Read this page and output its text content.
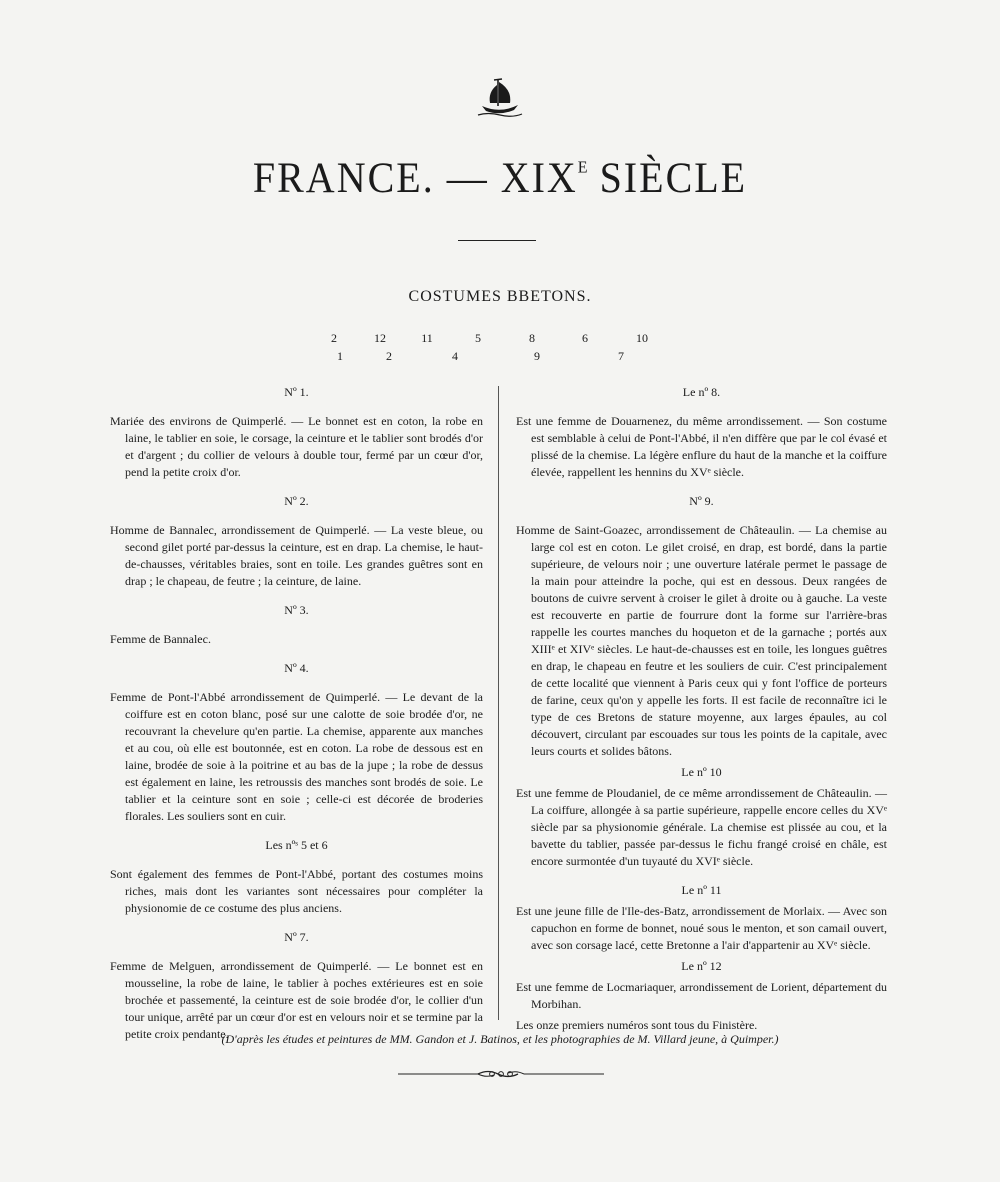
FRANCE. — $XIX^E$ SIÈCLE
COSTUMES BBETONS.
2	12	11	5	8	6	10
1	2	4	9	7
Nº 1.
Mariée des environs de Quimperlé. — Le bonnet est en coton, la robe en laine, le tablier en soie, le corsage, la ceinture et le tablier sont brodés d'or et d'argent ; du collier de velours à double tour, fermé par un cœur d'or, pend la petite croix d'or.
Nº 2.
Homme de Bannalec, arrondissement de Quimperlé. — La veste bleue, ou second gilet porté par-dessus la ceinture, est en drap. La chemise, le haut-de-chausses, véritables braies, sont en toile. Les grandes guêtres sont en drap ; le chapeau, de feutre ; la ceinture, de laine.
Nº 3.
Femme de Bannalec.
Nº 4.
Femme de Pont-l'Abbé arrondissement de Quimperlé. — Le devant de la coiffure est en coton blanc, posé sur une calotte de soie brodée d'or, ne recouvrant la chevelure qu'en partie. La chemise, apparente aux manches et au cou, où elle est boutonnée, est en coton. La robe de dessous est en laine, brodée de soie à la poitrine et au bas de la jupe ; la robe de dessus est également en laine, les retroussis des manches sont brodés de soie. Le tablier et la ceinture sont en soie ; celle-ci est décorée de broderies florales. Les souliers sont en cuir.
Les nºˢ 5 et 6
Sont également des femmes de Pont-l'Abbé, portant des costumes moins riches, mais dont les variantes sont nécessaires pour compléter la physionomie de ce costume des plus anciens.
Nº 7.
Femme de Melguen, arrondissement de Quimperlé. — Le bonnet est en mousseline, la robe de laine, le tablier à poches extérieures est en soie brochée et passementé, la ceinture est de soie brodée d'or, le collier d'un tour unique, arrêté par un cœur d'or est en velours noir et se termine par la petite croix pendante.
Le nº 8.
Est une femme de Douarnenez, du même arrondissement. — Son costume est semblable à celui de Pont-l'Abbé, il n'en diffère que par le col évasé et plissé de la chemise. La légère enflure du haut de la manche et la coiffure élevée, rappellent les hennins du XVᵉ siècle.
Nº 9.
Homme de Saint-Goazec, arrondissement de Châteaulin. — La chemise au large col est en coton. Le gilet croisé, en drap, est bordé, dans la partie supérieure, de velours noir ; une ouverture latérale permet le passage de la main pour atteindre la poche, qui est en dessous. Deux rangées de boutons de cuivre servent à croiser le gilet à droite ou à gauche. La veste est recouverte en partie de fourrure dont la forme sur l'arrière-bras rappelle les courtes manches du hoqueton et de la garnache ; portés aux XIIIᵉ et XIVᵉ siècles. Le haut-de-chausses est en toile, les longues guêtres en drap, le chapeau en feutre et les souliers de cuir. C'est principalement de cette localité que viennent à Paris ceux qui y font l'office de porteurs de farine, ceux qu'on y appelle les forts. Il est facile de reconnaître ici le type de ces Bretons de stature moyenne, aux larges épaules, au col découvert, circulant par escouades sur tous les points de la capitale, avec leurs courts et solides bâtons.
Le nº 10
Est une femme de Ploudaniel, de ce même arrondissement de Châteaulin. — La coiffure, allongée à sa partie supérieure, rappelle encore celles du XVᵉ siècle par sa physionomie générale. La chemise est plissée au cou, et la bavette du tablier, passée par-dessus le fichu frangé croisé en châle, est encore surmontée d'un tuyauté du XVIᵉ siècle.
Le nº 11
Est une jeune fille de l'Ile-des-Batz, arrondissement de Morlaix. — Avec son capuchon en forme de bonnet, noué sous le menton, et son camail ouvert, avec son corsage lacé, cette Bretonne a l'air d'appartenir au XVᵉ siècle.
Le nº 12
Est une femme de Locmariaquer, arrondissement de Lorient, département du Morbihan.
Les onze premiers numéros sont tous du Finistère.
(D'après les études et peintures de MM. Gandon et J. Batinos, et les photographies de M. Villard jeune, à Quimper.)
